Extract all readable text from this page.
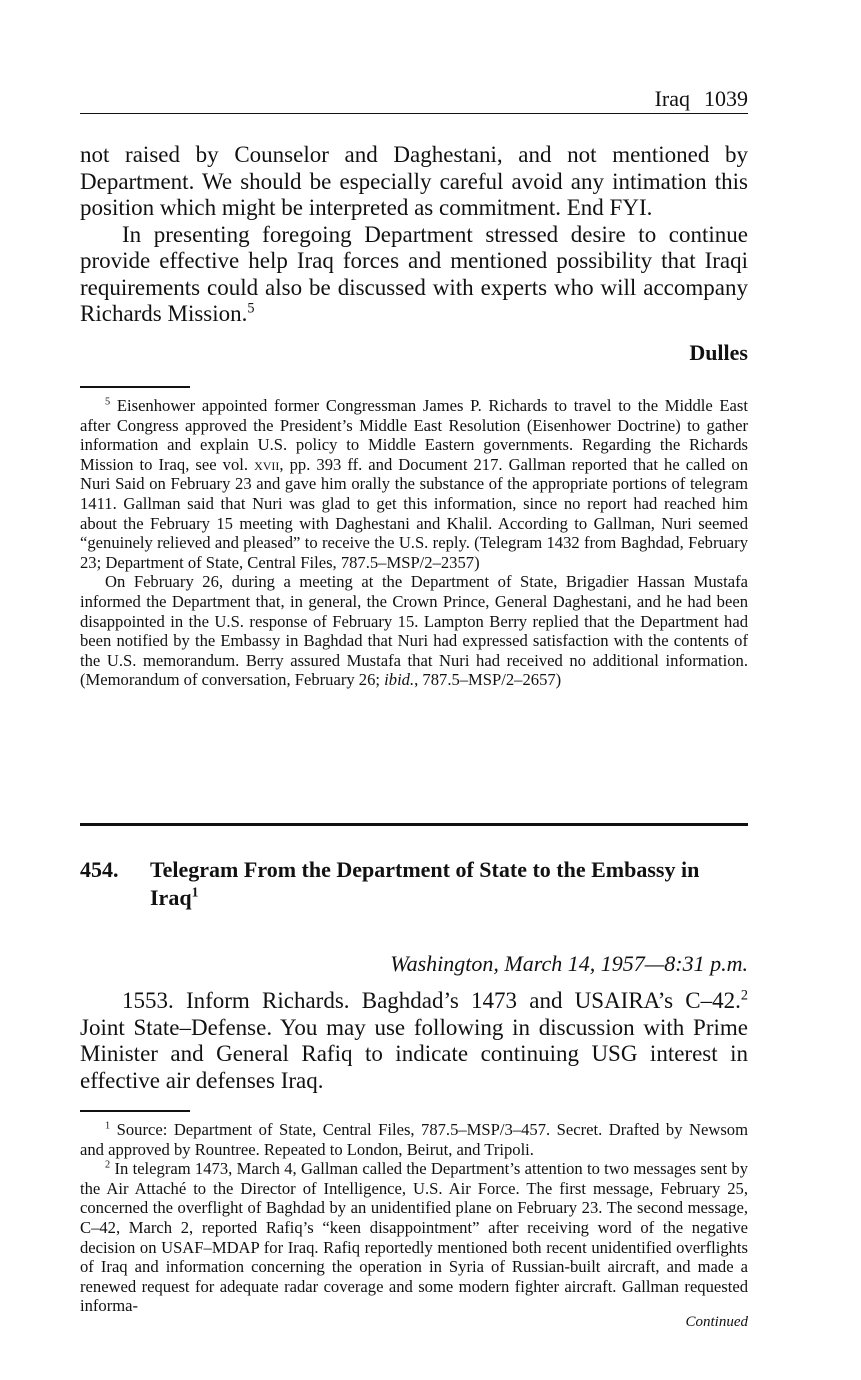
Iraq 1039

not raised by Counselor and Daghestani, and not mentioned by Department. We should be especially careful avoid any intimation this position which might be interpreted as commitment. End FYI.

In presenting foregoing Department stressed desire to continue provide effective help Iraq forces and mentioned possibility that Iraqi requirements could also be discussed with experts who will accompany Richards Mission.$^5$

Dulles

$^5$ Eisenhower appointed former Congressman James P. Richards to travel to the Middle East after Congress approved the President’s Middle East Resolution (Eisenhower Doctrine) to gather information and explain U.S. policy to Middle Eastern governments. Regarding the Richards Mission to Iraq, see vol. xvii, pp. 393 ff. and Document 217. Gallman reported that he called on Nuri Said on February 23 and gave him orally the substance of the appropriate portions of telegram 1411. Gallman said that Nuri was glad to get this information, since no report had reached him about the February 15 meeting with Daghestani and Khalil. According to Gallman, Nuri seemed “genuinely relieved and pleased” to receive the U.S. reply. (Telegram 1432 from Baghdad, February 23; Department of State, Central Files, 787.5–MSP/2–2357)

On February 26, during a meeting at the Department of State, Brigadier Hassan Mustafa informed the Department that, in general, the Crown Prince, General Daghestani, and he had been disappointed in the U.S. response of February 15. Lampton Berry replied that the Department had been notified by the Embassy in Baghdad that Nuri had expressed satisfaction with the contents of the U.S. memorandum. Berry assured Mustafa that Nuri had received no additional information. (Memorandum of conversation, February 26; ibid., 787.5–MSP/2–2657)

454. Telegram From the Department of State to the Embassy in Iraq$^1$
Washington, March 14, 1957—8:31 p.m.

1553. Inform Richards. Baghdad’s 1473 and USAIRA’s C–42.$^2$ Joint State–Defense. You may use following in discussion with Prime Minister and General Rafiq to indicate continuing USG interest in effective air defenses Iraq.

$^1$ Source: Department of State, Central Files, 787.5–MSP/3–457. Secret. Drafted by Newsom and approved by Rountree. Repeated to London, Beirut, and Tripoli.

$^2$ In telegram 1473, March 4, Gallman called the Department’s attention to two messages sent by the Air Attaché to the Director of Intelligence, U.S. Air Force. The first message, February 25, concerned the overflight of Baghdad by an unidentified plane on February 23. The second message, C–42, March 2, reported Rafiq’s “keen disappointment” after receiving word of the negative decision on USAF–MDAP for Iraq. Rafiq reportedly mentioned both recent unidentified overflights of Iraq and information concerning the operation in Syria of Russian-built aircraft, and made a renewed request for adequate radar coverage and some modern fighter aircraft. Gallman requested informa-

Continued
